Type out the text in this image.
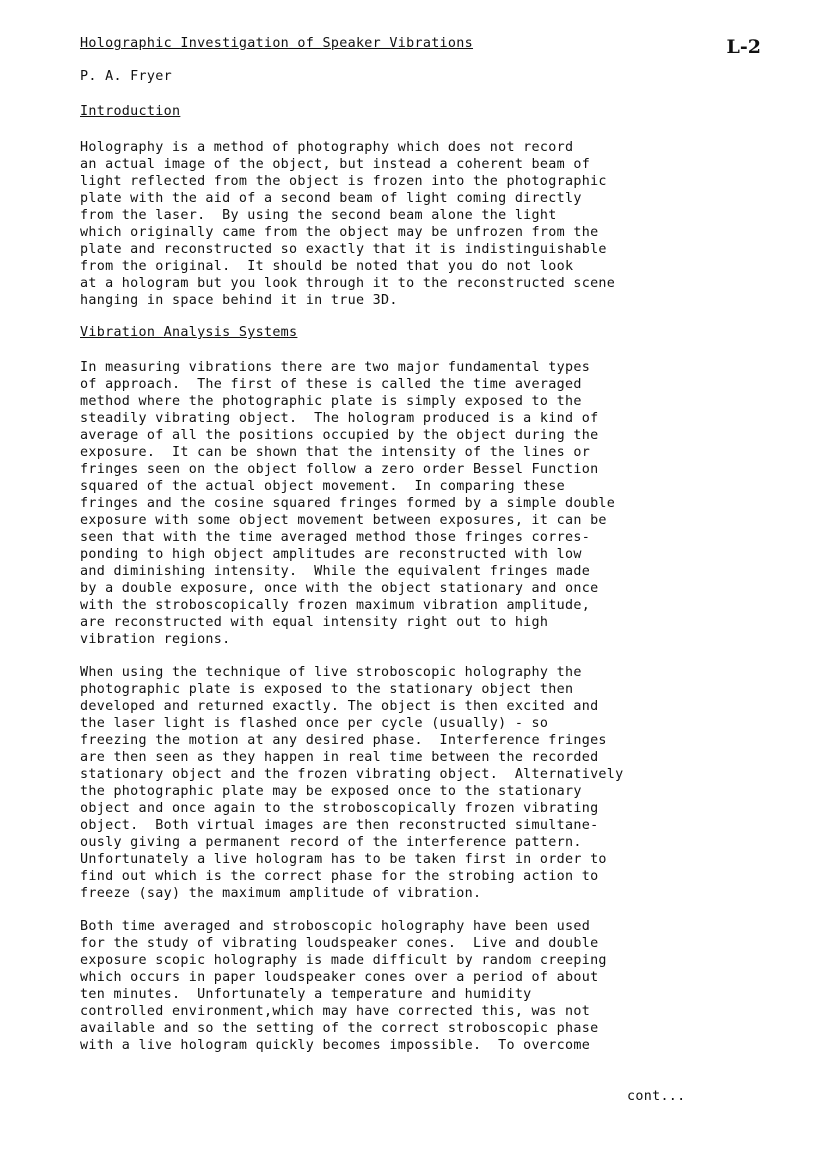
Holographic Investigation of Speaker Vibrations	L-2
P. A. Fryer
Introduction
Holography is a method of photography which does not record
an actual image of the object, but instead a coherent beam of
light reflected from the object is frozen into the photographic
plate with the aid of a second beam of light coming directly
from the laser.  By using the second beam alone the light
which originally came from the object may be unfrozen from the
plate and reconstructed so exactly that it is indistinguishable
from the original.  It should be noted that you do not look
at a hologram but you look through it to the reconstructed scene
hanging in space behind it in true 3D.
Vibration Analysis Systems
In measuring vibrations there are two major fundamental types
of approach.  The first of these is called the time averaged
method where the photographic plate is simply exposed to the
steadily vibrating object.  The hologram produced is a kind of
average of all the positions occupied by the object during the
exposure.  It can be shown that the intensity of the lines or
fringes seen on the object follow a zero order Bessel Function
squared of the actual object movement.  In comparing these
fringes and the cosine squared fringes formed by a simple double
exposure with some object movement between exposures, it can be
seen that with the time averaged method those fringes corres-
ponding to high object amplitudes are reconstructed with low
and diminishing intensity.  While the equivalent fringes made
by a double exposure, once with the object stationary and once
with the stroboscopically frozen maximum vibration amplitude,
are reconstructed with equal intensity right out to high
vibration regions.
When using the technique of live stroboscopic holography the
photographic plate is exposed to the stationary object then
developed and returned exactly. The object is then excited and
the laser light is flashed once per cycle (usually) - so
freezing the motion at any desired phase.  Interference fringes
are then seen as they happen in real time between the recorded
stationary object and the frozen vibrating object.  Alternatively
the photographic plate may be exposed once to the stationary
object and once again to the stroboscopically frozen vibrating
object.  Both virtual images are then reconstructed simultane-
ously giving a permanent record of the interference pattern.
Unfortunately a live hologram has to be taken first in order to
find out which is the correct phase for the strobing action to
freeze (say) the maximum amplitude of vibration.
Both time averaged and stroboscopic holography have been used
for the study of vibrating loudspeaker cones.  Live and double
exposure scopic holography is made difficult by random creeping
which occurs in paper loudspeaker cones over a period of about
ten minutes.  Unfortunately a temperature and humidity
controlled environment,which may have corrected this, was not
available and so the setting of the correct stroboscopic phase
with a live hologram quickly becomes impossible.  To overcome
cont...
